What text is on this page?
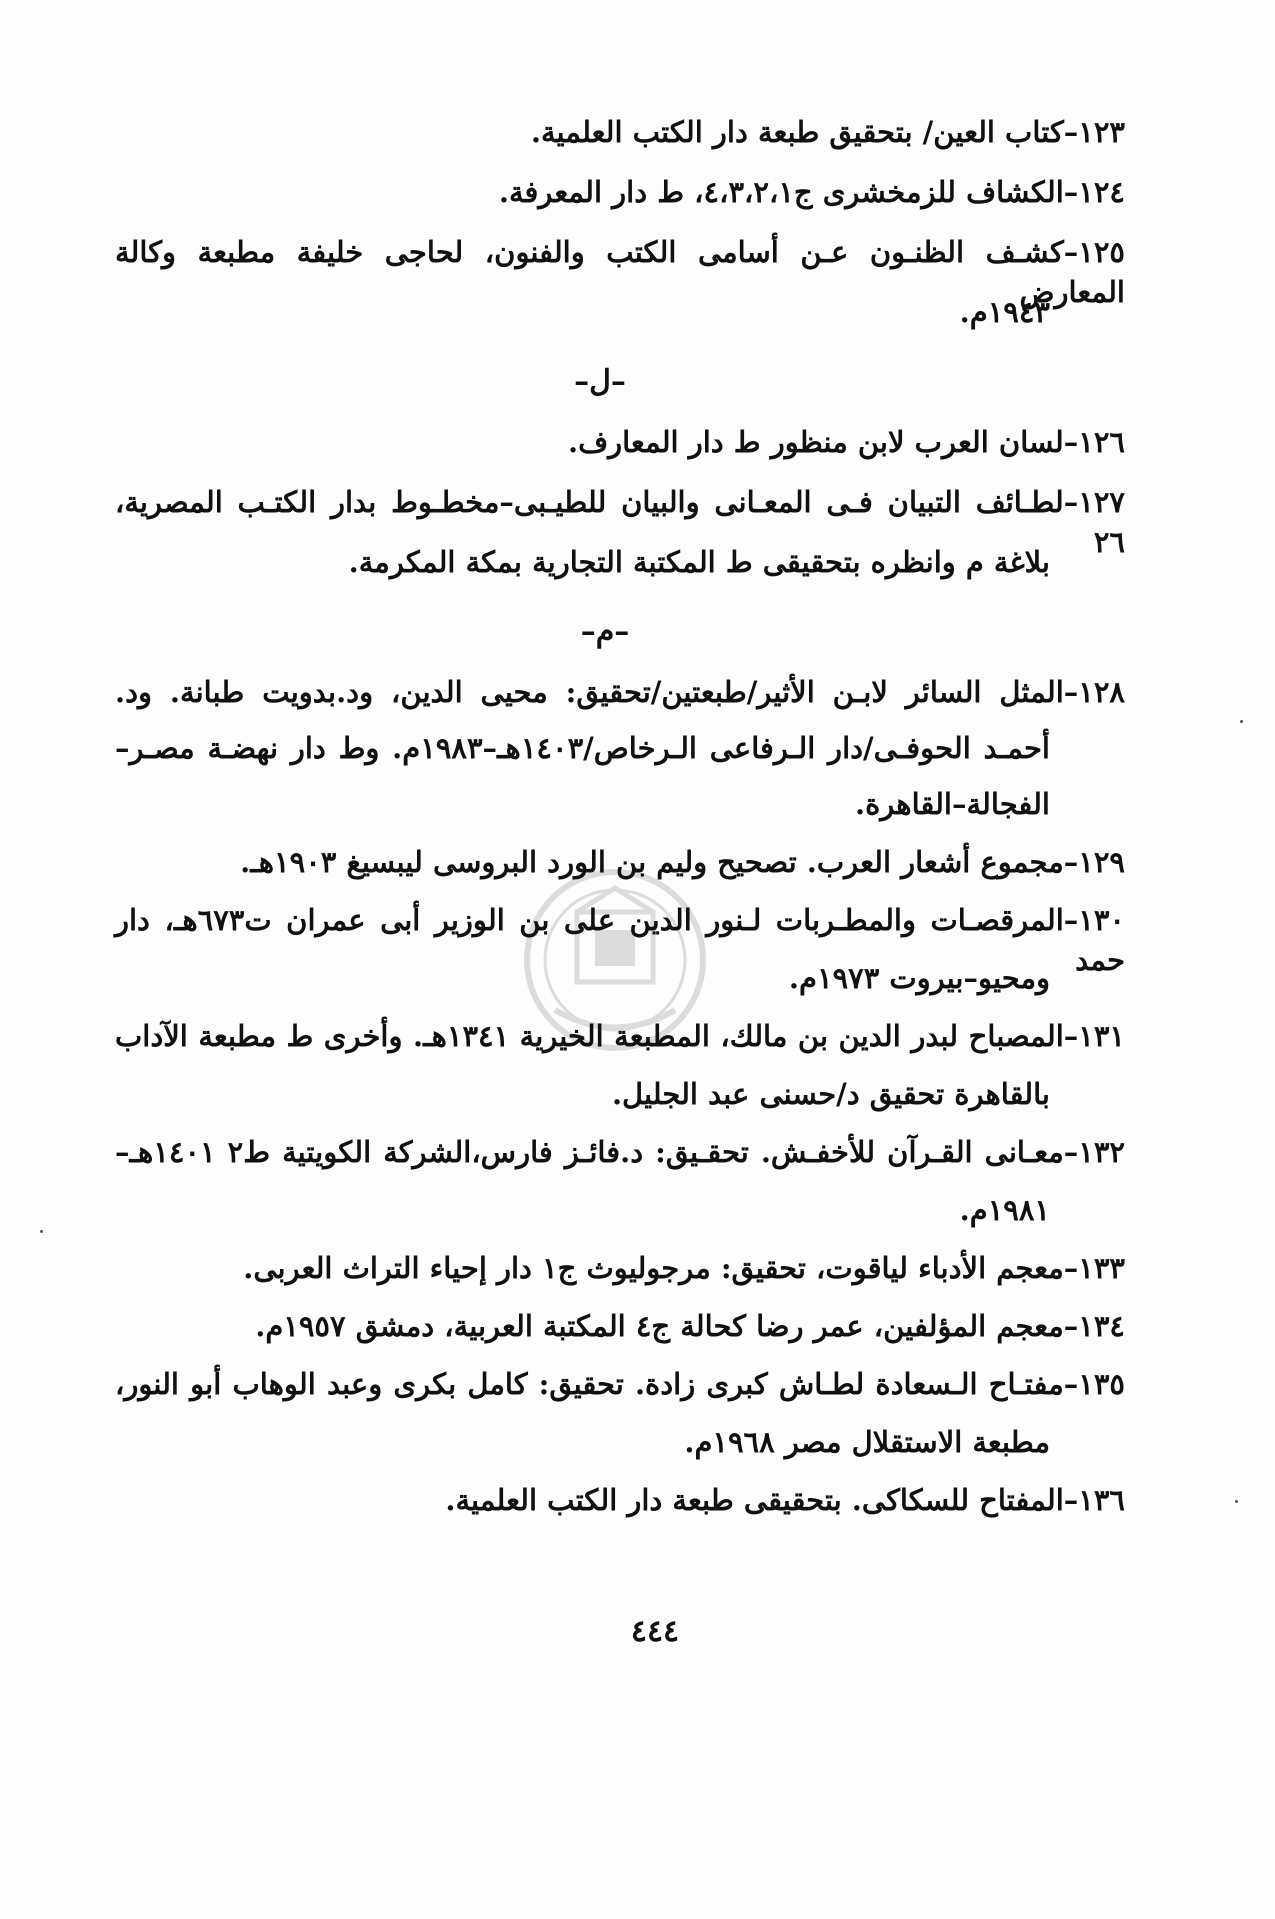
١٢٣–كتاب العين/ بتحقيق طبعة دار الكتب العلمية.
١٢٤–الكشاف للزمخشرى ج٤،٣،٢،١، ط دار المعرفة.
١٢٥–كشـف الظنـون عـن أسامى الكتب والفنون، لحاجى خليفة مطبعة وكالة المعارض
١٩٤٣م.
–ل–
١٢٦–لسان العرب لابن منظور ط دار المعارف.
١٢٧–لطـائف التبيان فـى المعـانى والبيان للطيـبى–مخطـوط بدار الكتـب المصرية، ٢٦
بلاغة م وانظره بتحقيقى ط المكتبة التجارية بمكة المكرمة.
–م–
١٢٨–المثل السائر لابـن الأثير/طبعتين/تحقيق: محيى الدين، ود.بدويت طبانة. ود.
أحمـد الحوفـى/دار الـرفاعى الـرخاص/١٤٠٣هـ–١٩٨٣م. وط دار نهضـة مصـر–
الفجالة–القاهرة.
١٢٩–مجموع أشعار العرب. تصحيح وليم بن الورد البروسى ليبسيغ ١٩٠٣هـ.
١٣٠–المرقصـات والمطـربات لـنور الدين على بن الوزير أبى عمران ت٦٧٣هـ، دار حمد
ومحيو–بيروت ١٩٧٣م.
١٣١–المصباح لبدر الدين بن مالك، المطبعة الخيرية ١٣٤١هـ. وأخرى ط مطبعة الآداب
بالقاهرة تحقيق د/حسنى عبد الجليل.
١٣٢–معـانى القـرآن للأخفـش. تحقـيق: د.فائـز فارس،الشركة الكويتية ط٢ ١٤٠١هـ–
١٩٨١م.
١٣٣–معجم الأدباء لياقوت، تحقيق: مرجوليوث ج١ دار إحياء التراث العربى.
١٣٤–معجم المؤلفين، عمر رضا كحالة ج٤ المكتبة العربية، دمشق ١٩٥٧م.
١٣٥–مفتـاح الـسعادة لطـاش كبرى زادة. تحقيق: كامل بكرى وعبد الوهاب أبو النور،
مطبعة الاستقلال مصر ١٩٦٨م.
١٣٦–المفتاح للسكاكى. بتحقيقى طبعة دار الكتب العلمية.
٤٤٤
